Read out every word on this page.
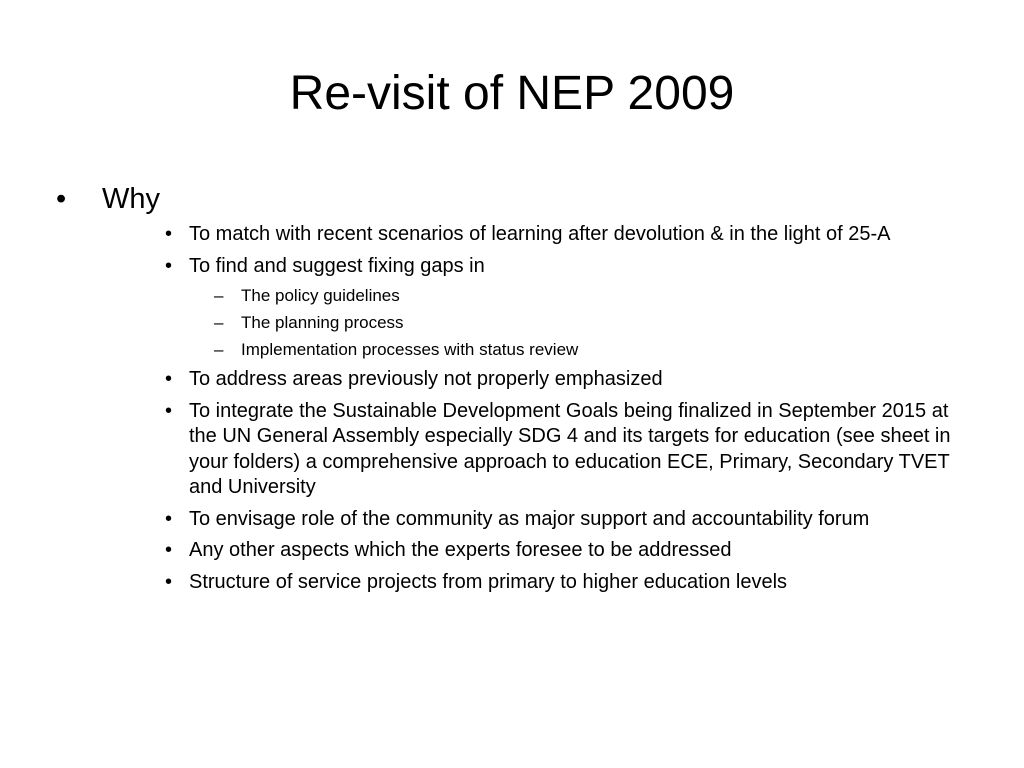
Re-visit of NEP 2009
• Why
• To match with recent scenarios of learning after devolution & in the light of 25-A
• To find and suggest fixing gaps in
– The policy guidelines
– The planning process
– Implementation processes with status review
• To address areas previously not properly emphasized
• To integrate the Sustainable Development Goals being finalized in September 2015 at the UN General Assembly especially SDG 4 and its targets for education (see sheet in your folders) a comprehensive approach to education ECE, Primary, Secondary TVET and University
• To envisage role of the community as major support and accountability forum
• Any other aspects which the experts foresee to be addressed
• Structure of service projects from primary to higher education levels
